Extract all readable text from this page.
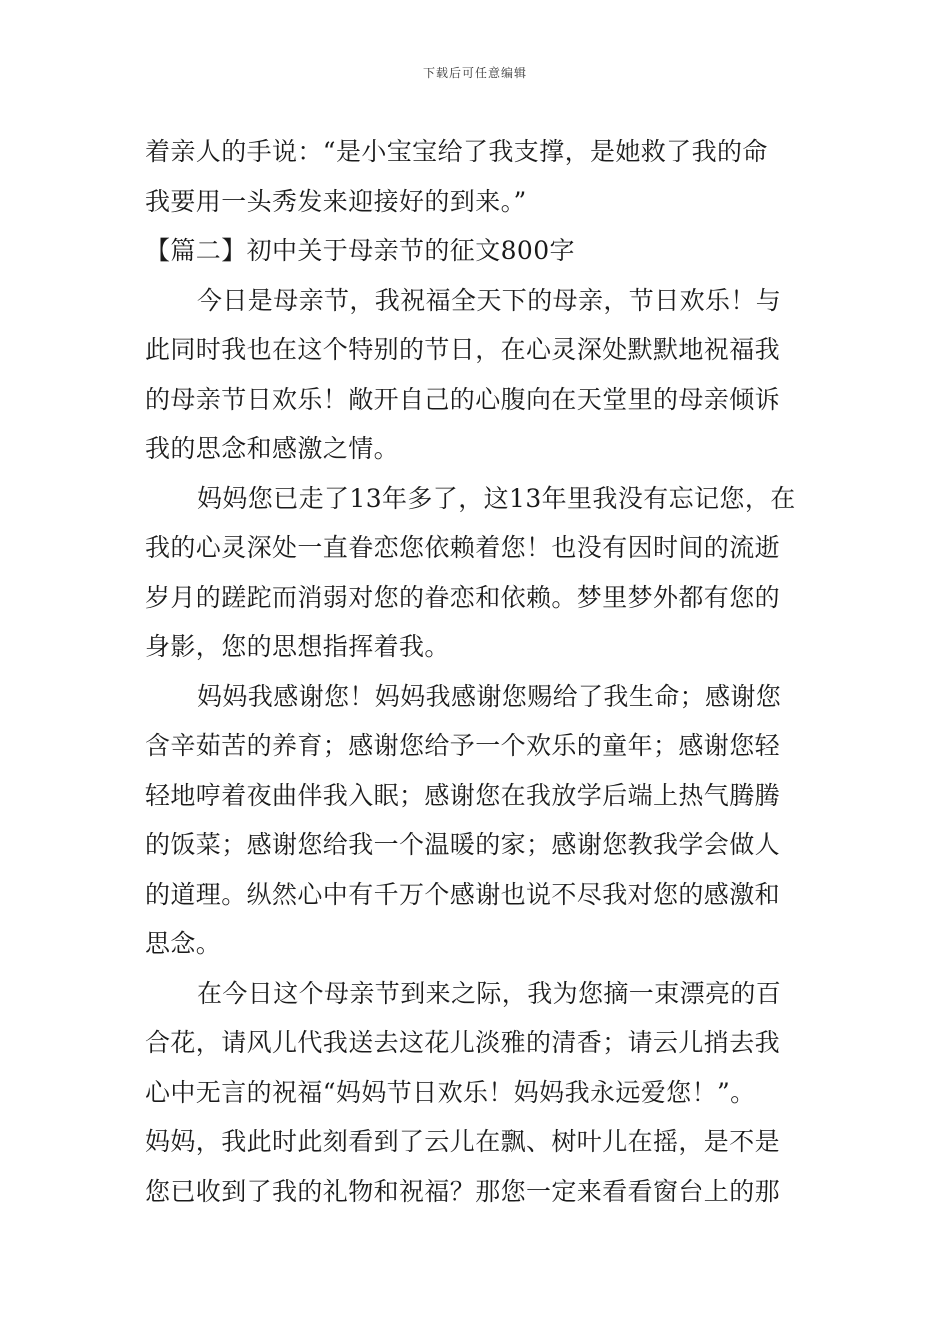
下载后可任意编辑
着亲人的手说：“是小宝宝给了我支撑，是她救了我的命
我要用一头秀发来迎接好的到来。”
【篇二】初中关于母亲节的征文800字
今日是母亲节，我祝福全天下的母亲，节日欢乐！与
此同时我也在这个特别的节日，在心灵深处默默地祝福我
的母亲节日欢乐！敞开自己的心腹向在天堂里的母亲倾诉
我的思念和感激之情。
妈妈您已走了13年多了，这13年里我没有忘记您，在
我的心灵深处一直眷恋您依赖着您！也没有因时间的流逝
岁月的蹉跎而消弱对您的眷恋和依赖。梦里梦外都有您的
身影，您的思想指挥着我。
妈妈我感谢您！妈妈我感谢您赐给了我生命；感谢您
含辛茹苦的养育；感谢您给予一个欢乐的童年；感谢您轻
轻地哼着夜曲伴我入眠；感谢您在我放学后端上热气腾腾
的饭菜；感谢您给我一个温暖的家；感谢您教我学会做人
的道理。纵然心中有千万个感谢也说不尽我对您的感激和
思念。
在今日这个母亲节到来之际，我为您摘一束漂亮的百
合花，请风儿代我送去这花儿淡雅的清香；请云儿捎去我
心中无言的祝福“妈妈节日欢乐！妈妈我永远爱您！”。
妈妈，我此时此刻看到了云儿在飘、树叶儿在摇，是不是
您已收到了我的礼物和祝福？那您一定来看看窗台上的那
